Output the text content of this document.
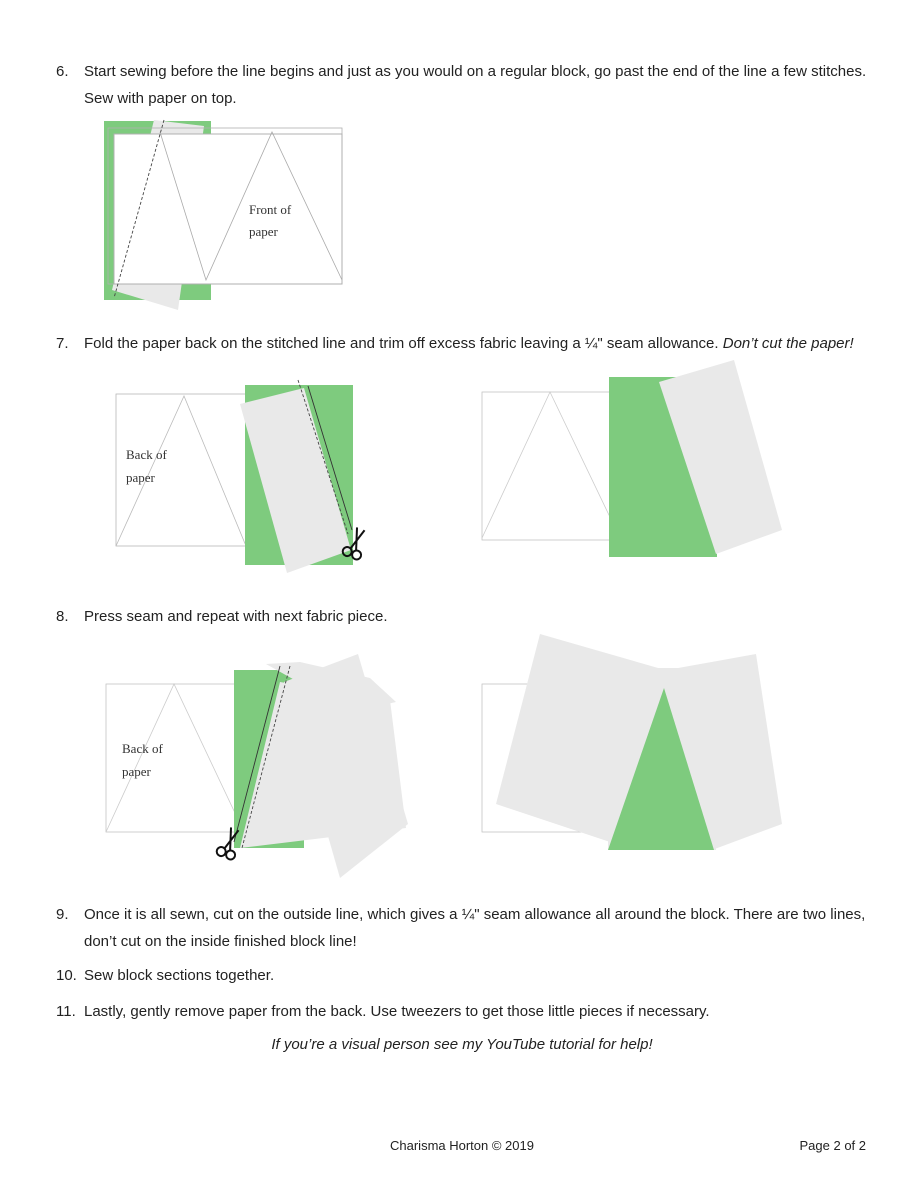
6. Start sewing before the line begins and just as you would on a regular block, go past the end of the line a few stitches. Sew with paper on top.
Front of
paper
7. Fold the paper back on the stitched line and trim off excess fabric leaving a ¼" seam allowance. Don’t cut the paper!
Back of
paper
8. Press seam and repeat with next fabric piece.
Back of
paper
9. Once it is all sewn, cut on the outside line, which gives a ¼" seam allowance all around the block. There are two lines, don’t cut on the inside finished block line!
10. Sew block sections together.
11. Lastly, gently remove paper from the back. Use tweezers to get those little pieces if necessary.
If you’re a visual person see my YouTube tutorial for help!
Charisma Horton © 2019	Page 2 of 2
